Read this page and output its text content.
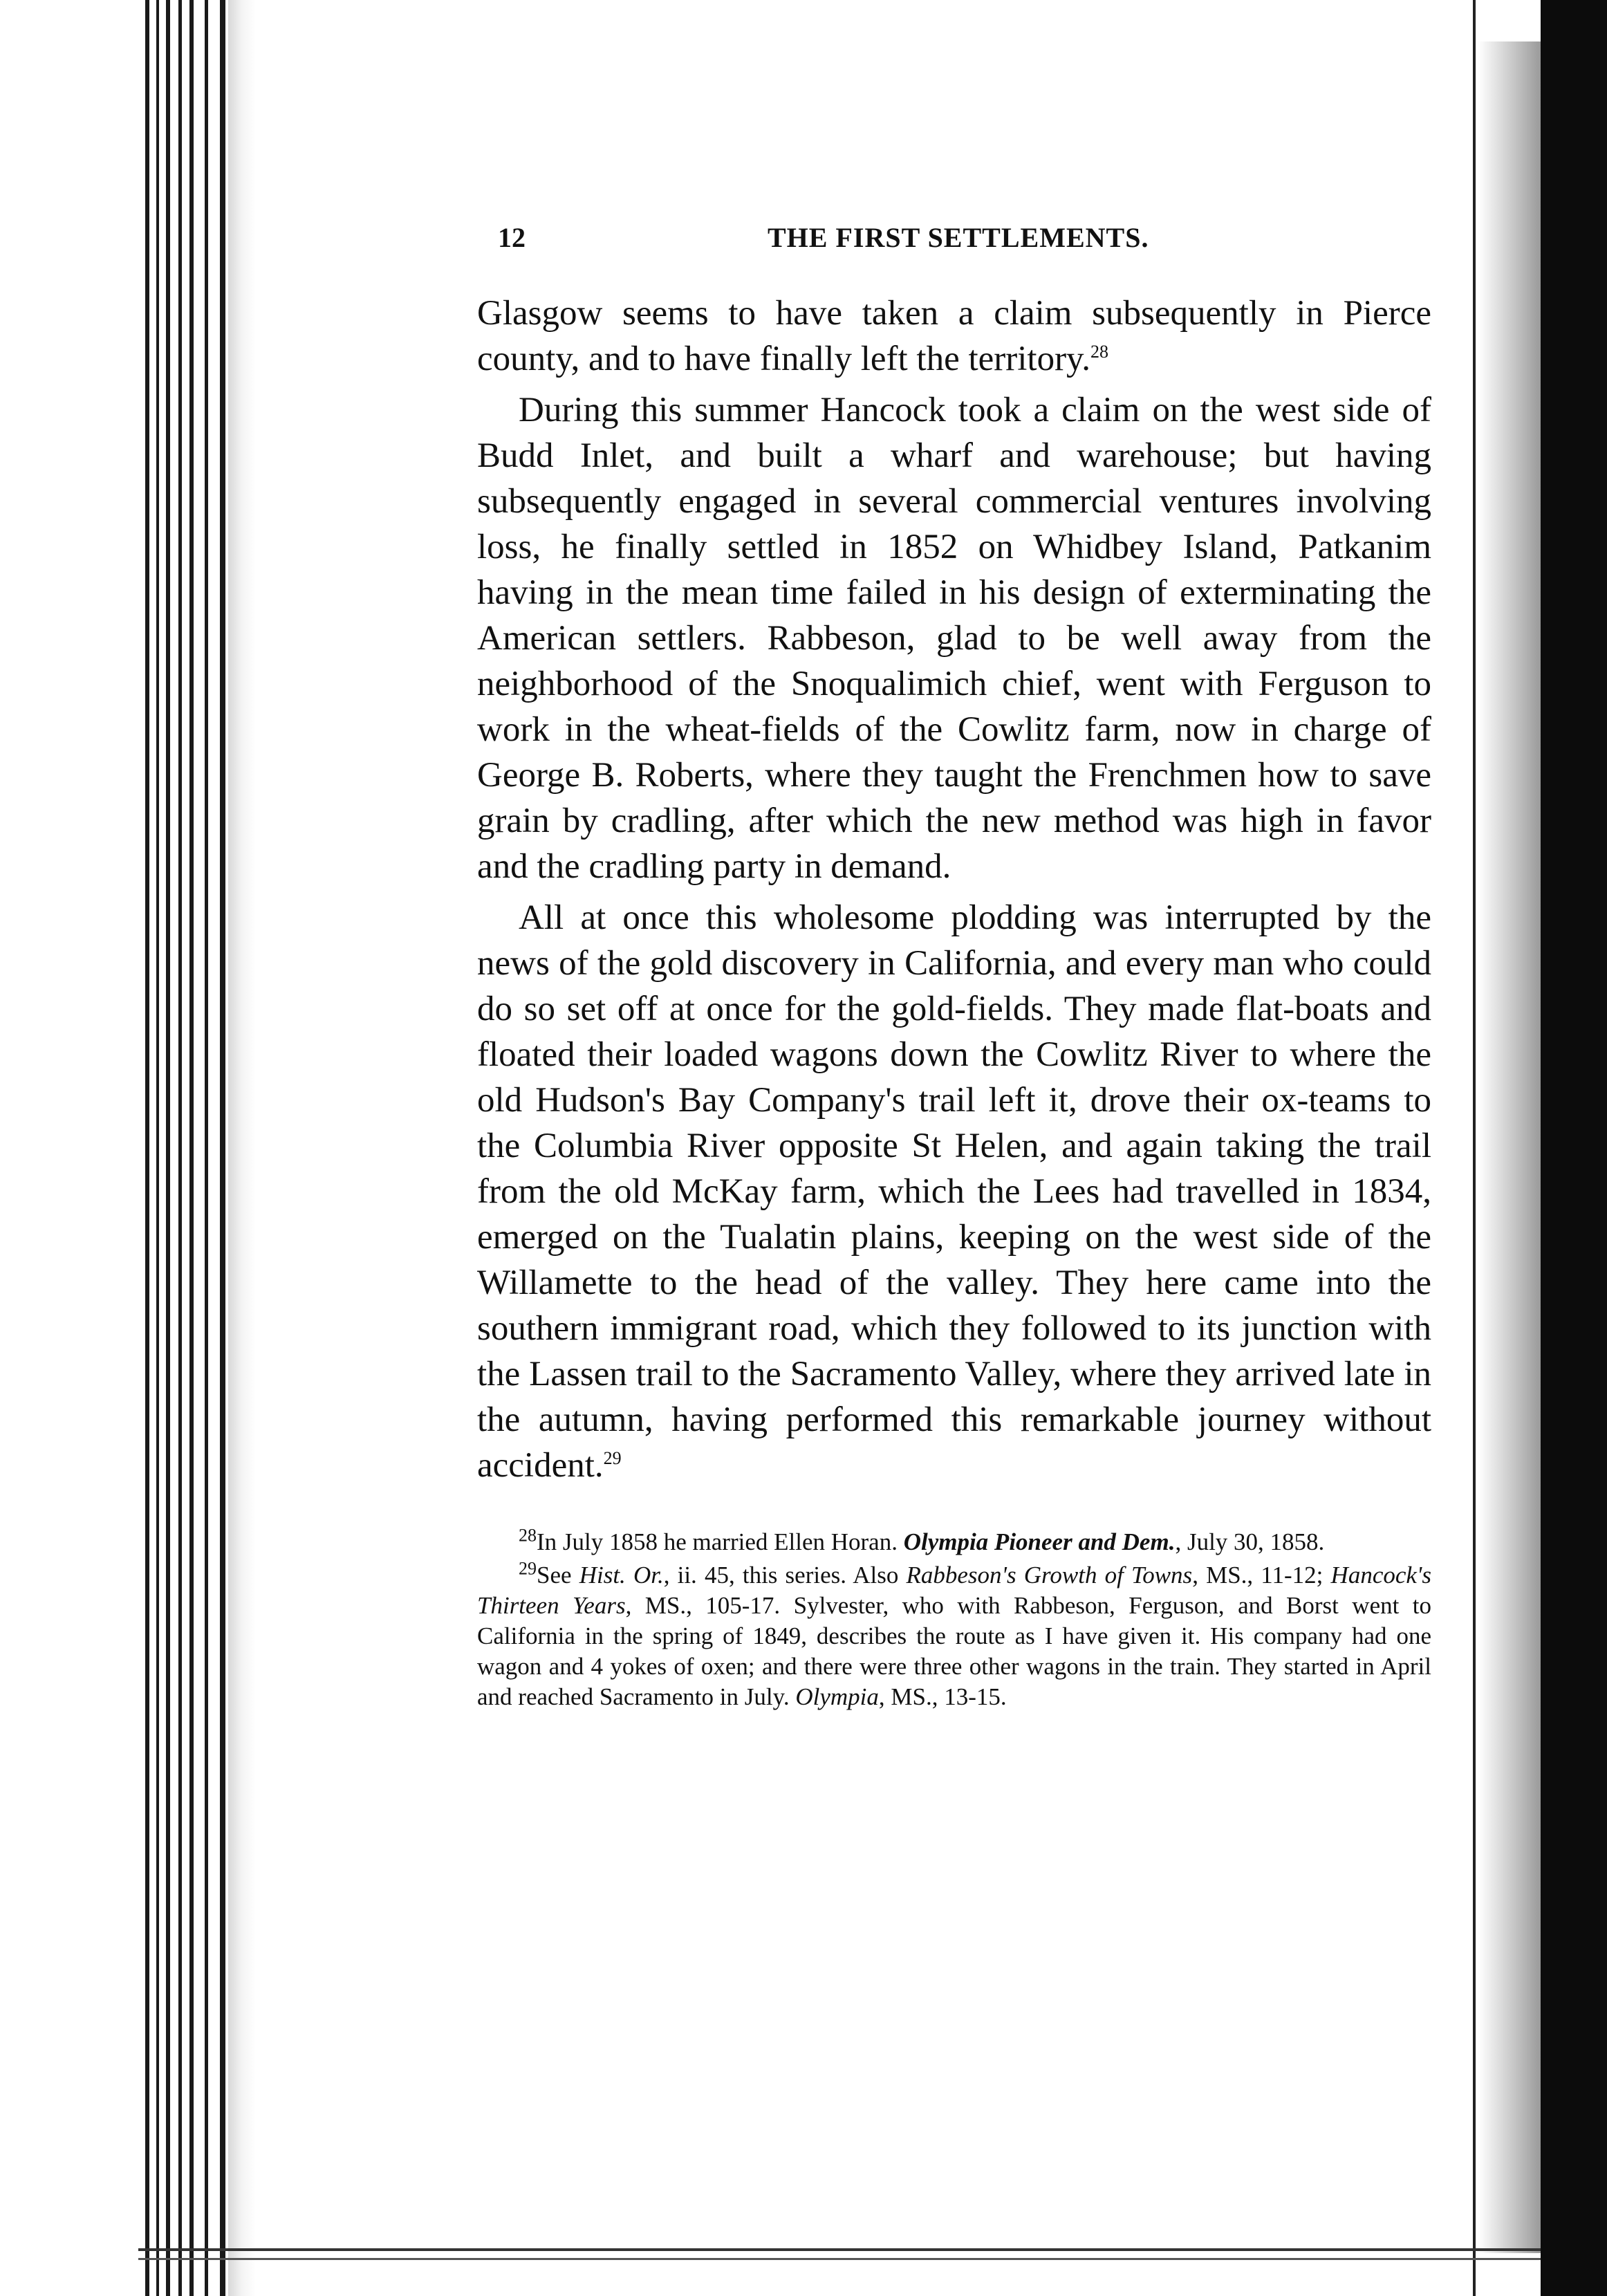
12	THE FIRST SETTLEMENTS.

Glasgow seems to have taken a claim subsequently in Pierce county, and to have finally left the territory.$^{28}$

During this summer Hancock took a claim on the west side of Budd Inlet, and built a wharf and warehouse; but having subsequently engaged in several commercial ventures involving loss, he finally settled in 1852 on Whidbey Island, Patkanim having in the mean time failed in his design of exterminating the American settlers. Rabbeson, glad to be well away from the neighborhood of the Snoqualimich chief, went with Ferguson to work in the wheat-fields of the Cowlitz farm, now in charge of George B. Roberts, where they taught the Frenchmen how to save grain by cradling, after which the new method was high in favor and the cradling party in demand.

All at once this wholesome plodding was interrupted by the news of the gold discovery in California, and every man who could do so set off at once for the gold-fields. They made flat-boats and floated their loaded wagons down the Cowlitz River to where the old Hudson's Bay Company's trail left it, drove their ox-teams to the Columbia River opposite St Helen, and again taking the trail from the old McKay farm, which the Lees had travelled in 1834, emerged on the Tualatin plains, keeping on the west side of the Willamette to the head of the valley. They here came into the southern immigrant road, which they followed to its junction with the Lassen trail to the Sacramento Valley, where they arrived late in the autumn, having performed this remarkable journey without accident.$^{29}$

$^{28}$In July 1858 he married Ellen Horan. Olympia Pioneer and Dem., July 30, 1858.

$^{29}$See Hist. Or., ii. 45, this series. Also Rabbeson's Growth of Towns, MS., 11-12; Hancock's Thirteen Years, MS., 105-17. Sylvester, who with Rabbeson, Ferguson, and Borst went to California in the spring of 1849, describes the route as I have given it. His company had one wagon and 4 yokes of oxen; and there were three other wagons in the train. They started in April and reached Sacramento in July. Olympia, MS., 13-15.
